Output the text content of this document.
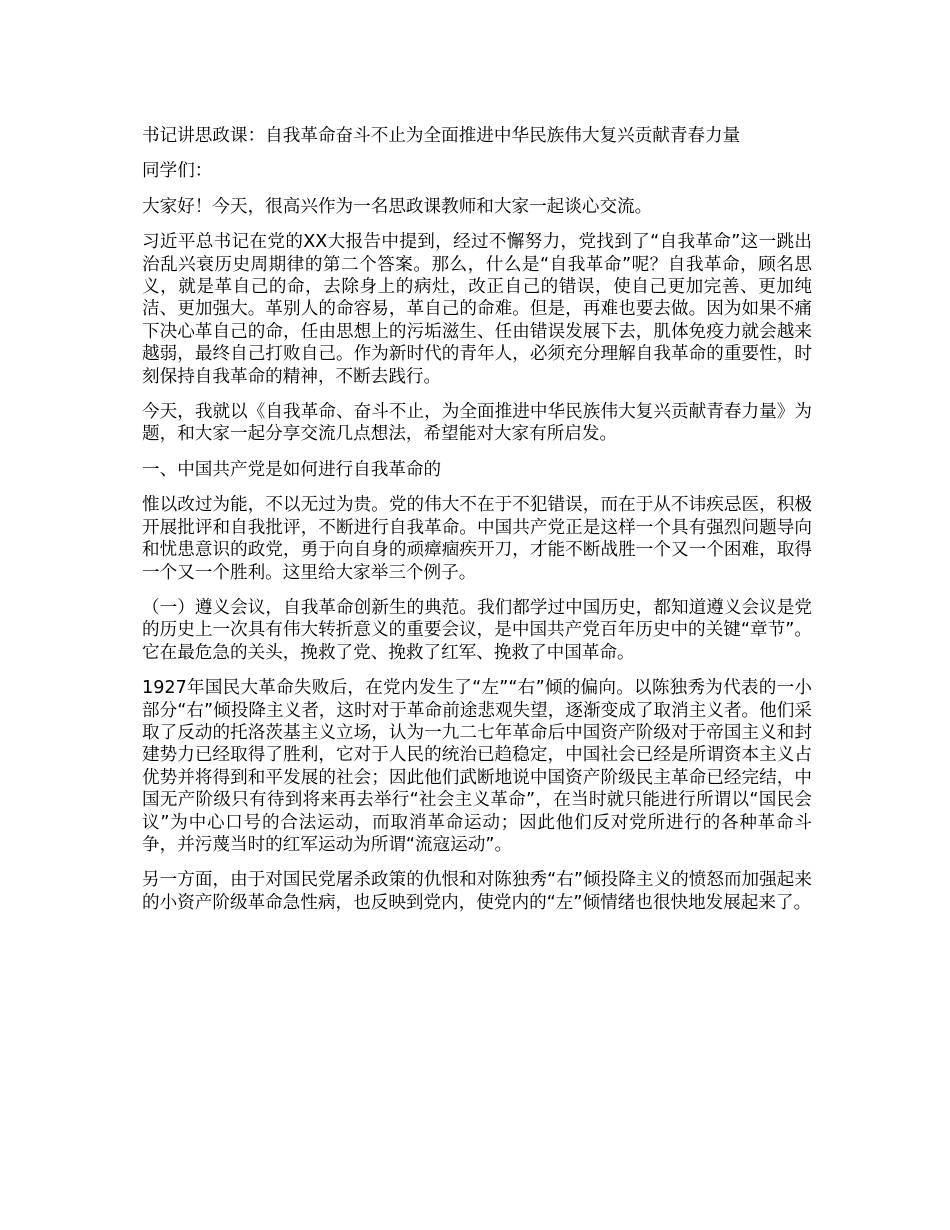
书记讲思政课：自我革命奋斗不止为全面推进中华民族伟大复兴贡献青春力量

同学们：

大家好！今天，很高兴作为一名思政课教师和大家一起谈心交流。

习近平总书记在党的XX大报告中提到，经过不懈努力，党找到了“自我革命”这一跳出治乱兴衰历史周期律的第二个答案。那么，什么是“自我革命”呢？自我革命，顾名思义，就是革自己的命，去除身上的病灶，改正自己的错误，使自己更加完善、更加纯洁、更加强大。革别人的命容易，革自己的命难。但是，再难也要去做。因为如果不痛下决心革自己的命，任由思想上的污垢滋生、任由错误发展下去，肌体免疫力就会越来越弱，最终自己打败自己。作为新时代的青年人，必须充分理解自我革命的重要性，时刻保持自我革命的精神，不断去践行。

今天，我就以《自我革命、奋斗不止，为全面推进中华民族伟大复兴贡献青春力量》为题，和大家一起分享交流几点想法，希望能对大家有所启发。

一、中国共产党是如何进行自我革命的

惟以改过为能，不以无过为贵。党的伟大不在于不犯错误，而在于从不讳疾忌医，积极开展批评和自我批评，不断进行自我革命。中国共产党正是这样一个具有强烈问题导向和忧患意识的政党，勇于向自身的顽瘴痼疾开刀，才能不断战胜一个又一个困难，取得一个又一个胜利。这里给大家举三个例子。

（一）遵义会议，自我革命创新生的典范。我们都学过中国历史，都知道遵义会议是党的历史上一次具有伟大转折意义的重要会议，是中国共产党百年历史中的关键“章节”。它在最危急的关头，挽救了党、挽救了红军、挽救了中国革命。

1927年国民大革命失败后，在党内发生了“左”“右”倾的偏向。以陈独秀为代表的一小部分“右”倾投降主义者，这时对于革命前途悲观失望，逐渐变成了取消主义者。他们采取了反动的托洛茨基主义立场，认为一九二七年革命后中国资产阶级对于帝国主义和封建势力已经取得了胜利，它对于人民的统治已趋稳定，中国社会已经是所谓资本主义占优势并将得到和平发展的社会；因此他们武断地说中国资产阶级民主革命已经完结，中国无产阶级只有待到将来再去举行“社会主义革命”，在当时就只能进行所谓以“国民会议”为中心口号的合法运动，而取消革命运动；因此他们反对党所进行的各种革命斗争，并污蔑当时的红军运动为所谓“流寇运动”。

另一方面，由于对国民党屠杀政策的仇恨和对陈独秀“右”倾投降主义的愤怒而加强起来的小资产阶级革命急性病，也反映到党内，使党内的“左”倾情绪也很快地发展起来了。
